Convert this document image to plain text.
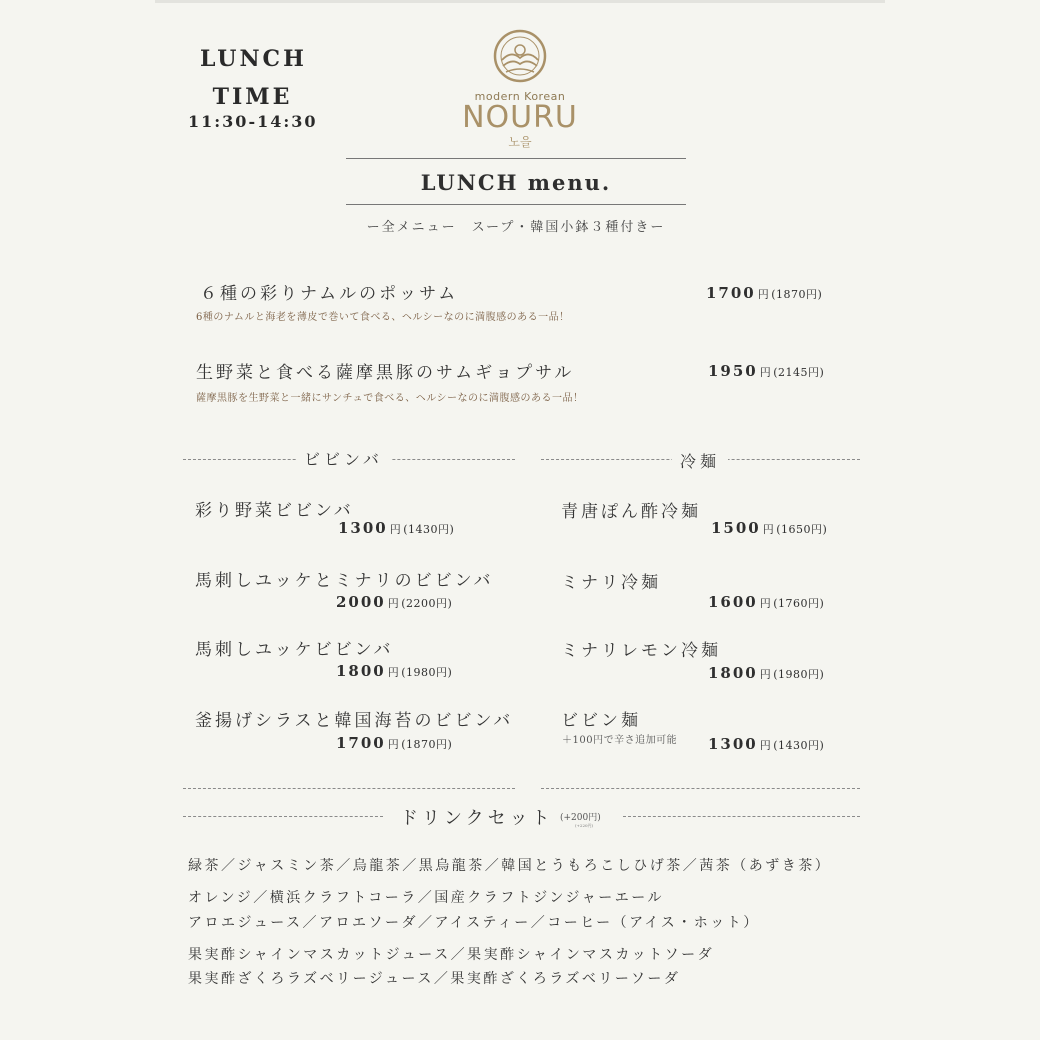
LUNCH
TIME
11:30-14:30
modern Korean
NOURU
노을
LUNCH menu.
ー全メニュー　スープ・韓国小鉢３種付きー
６種の彩りナムルのポッサム
6種のナムルと海老を薄皮で巻いて食べる、ヘルシーなのに満腹感のある一品！
1700 円 (1870円)
生野菜と食べる薩摩黒豚のサムギョプサル
薩摩黒豚を生野菜と一緒にサンチュで食べる、ヘルシーなのに満腹感のある一品！
1950 円 (2145円)
ビビンバ	冷麺
彩り野菜ビビンバ
1300 円 (1430円)
馬刺しユッケとミナリのビビンバ
2000 円 (2200円)
馬刺しユッケビビンバ
1800 円 (1980円)
釜揚げシラスと韓国海苔のビビンバ
1700 円 (1870円)
青唐ぽん酢冷麺
1500 円 (1650円)
ミナリ冷麺
1600 円 (1760円)
ミナリレモン冷麺
1800 円 (1980円)
ビビン麺
＋100円で辛さ追加可能 1300 円 (1430円)
ドリンクセット (+200円)
(+220円)
緑茶／ジャスミン茶／烏龍茶／黒烏龍茶／韓国とうもろこしひげ茶／茜茶（あずき茶）
オレンジ／横浜クラフトコーラ／国産クラフトジンジャーエール
アロエジュース／アロエソーダ／アイスティー／コーヒー（アイス・ホット）
果実酢シャインマスカットジュース／果実酢シャインマスカットソーダ
果実酢ざくろラズベリージュース／果実酢ざくろラズベリーソーダ
